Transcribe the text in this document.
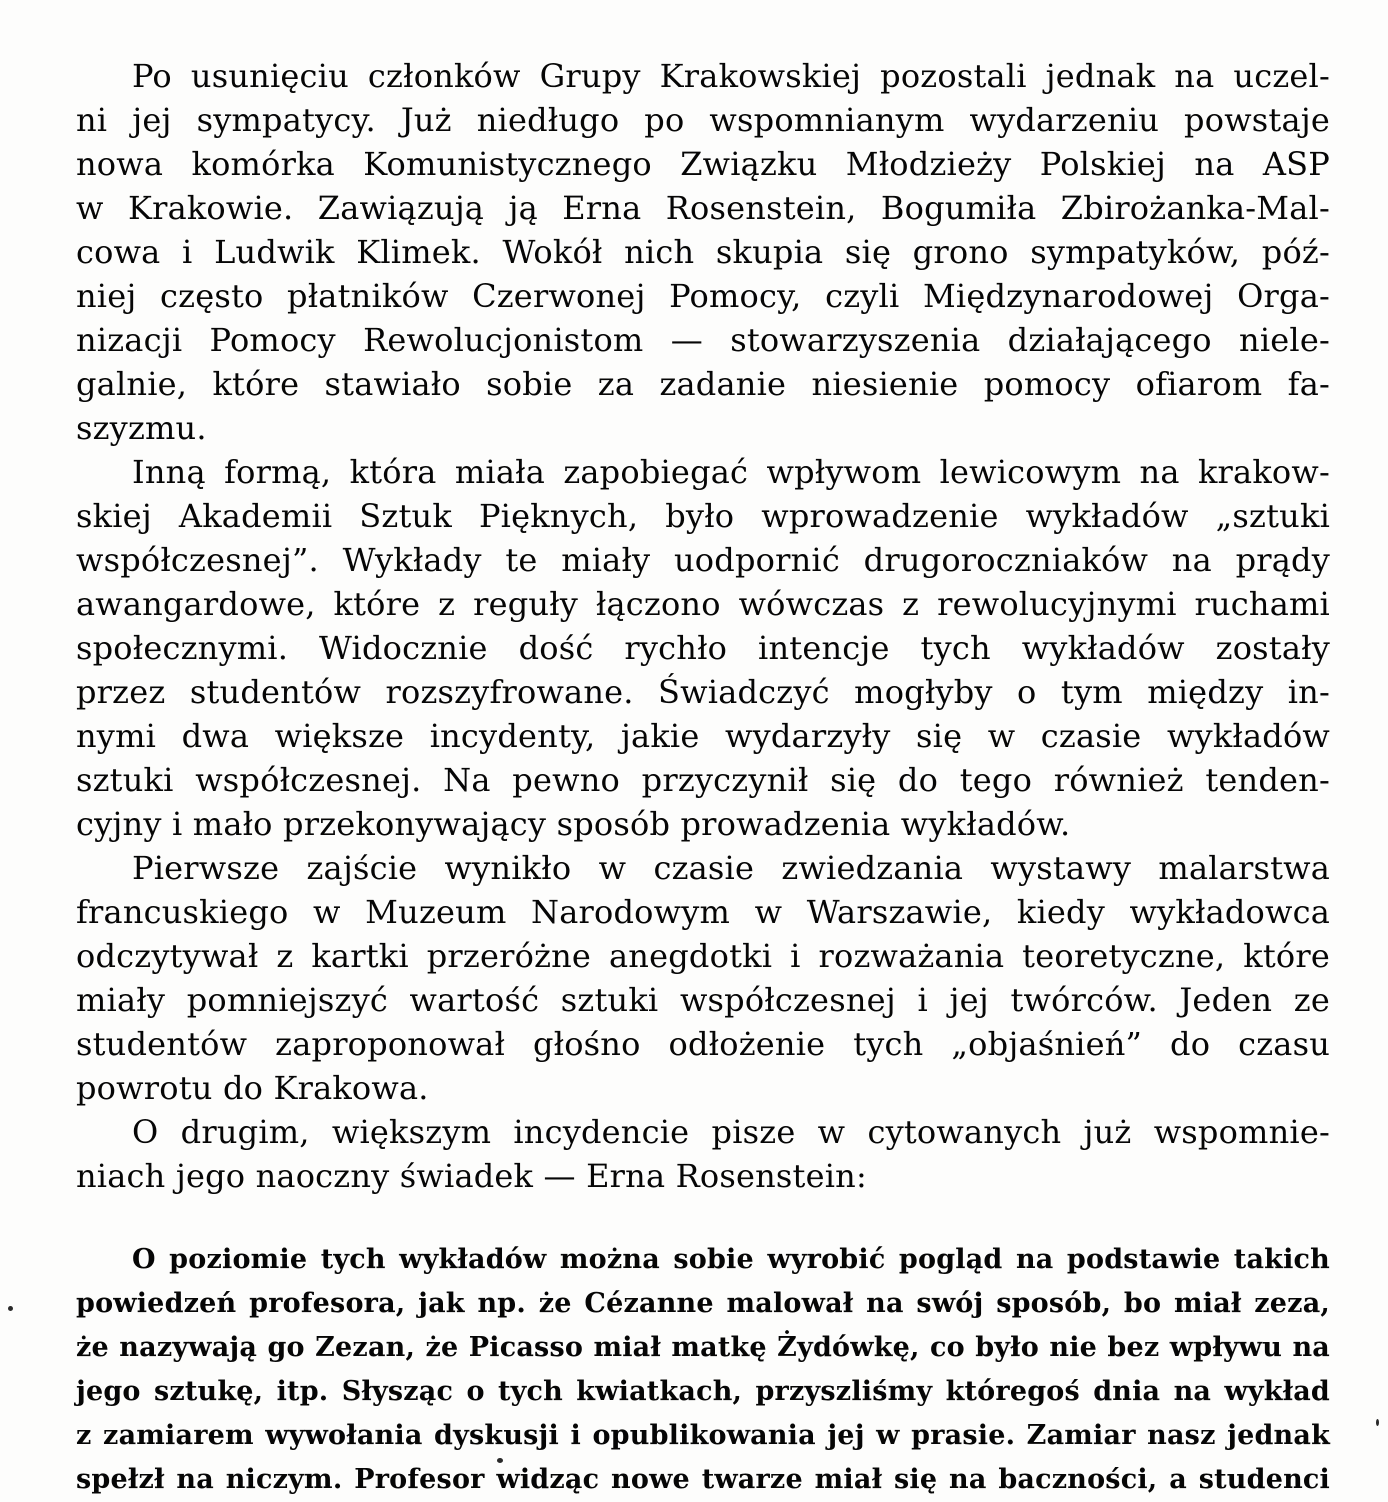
Po usunięciu członków Grupy Krakowskiej pozostali jednak na uczel-
ni jej sympatycy. Już niedługo po wspomnianym wydarzeniu powstaje
nowa komórka Komunistycznego Związku Młodzieży Polskiej na ASP
w Krakowie. Zawiązują ją Erna Rosenstein, Bogumiła Zbirożanka-Mal-
cowa i Ludwik Klimek. Wokół nich skupia się grono sympatyków, póź-
niej często płatników Czerwonej Pomocy, czyli Międzynarodowej Orga-
nizacji Pomocy Rewolucjonistom — stowarzyszenia działającego niele-
galnie, które stawiało sobie za zadanie niesienie pomocy ofiarom fa-
szyzmu.
Inną formą, która miała zapobiegać wpływom lewicowym na krakow-
skiej Akademii Sztuk Pięknych, było wprowadzenie wykładów „sztuki
współczesnej”. Wykłady te miały uodpornić drugoroczniaków na prądy
awangardowe, które z reguły łączono wówczas z rewolucyjnymi ruchami
społecznymi. Widocznie dość rychło intencje tych wykładów zostały
przez studentów rozszyfrowane. Świadczyć mogłyby o tym między in-
nymi dwa większe incydenty, jakie wydarzyły się w czasie wykładów
sztuki współczesnej. Na pewno przyczynił się do tego również tenden-
cyjny i mało przekonywający sposób prowadzenia wykładów.
Pierwsze zajście wynikło w czasie zwiedzania wystawy malarstwa
francuskiego w Muzeum Narodowym w Warszawie, kiedy wykładowca
odczytywał z kartki przeróżne anegdotki i rozważania teoretyczne, które
miały pomniejszyć wartość sztuki współczesnej i jej twórców. Jeden ze
studentów zaproponował głośno odłożenie tych „objaśnień” do czasu
powrotu do Krakowa.
O drugim, większym incydencie pisze w cytowanych już wspomnie-
niach jego naoczny świadek — Erna Rosenstein:
O poziomie tych wykładów można sobie wyrobić pogląd na podstawie takich
powiedzeń profesora, jak np. że Cézanne malował na swój sposób, bo miał zeza,
że nazywają go Zezan, że Picasso miał matkę Żydówkę, co było nie bez wpływu na
jego sztukę, itp. Słysząc o tych kwiatkach, przyszliśmy któregoś dnia na wykład
z zamiarem wywołania dyskusji i opublikowania jej w prasie. Zamiar nasz jednak
spełzł na niczym. Profesor widząc nowe twarze miał się na baczności, a studenci
